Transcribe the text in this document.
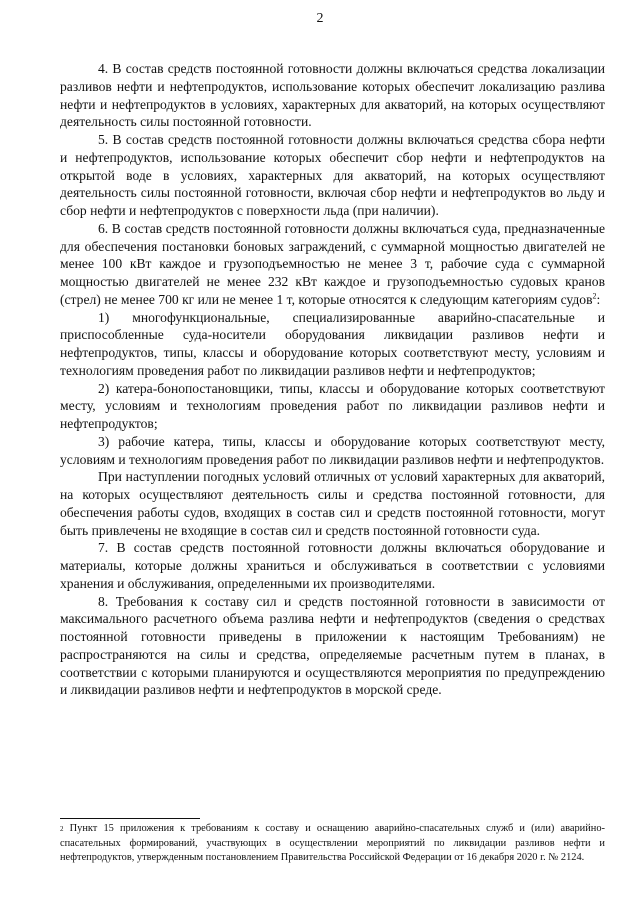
2

4. В состав средств постоянной готовности должны включаться средства локализации разливов нефти и нефтепродуктов, использование которых обеспечит локализацию разлива нефти и нефтепродуктов в условиях, характерных для акваторий, на которых осуществляют деятельность силы постоянной готовности.

5. В состав средств постоянной готовности должны включаться средства сбора нефти и нефтепродуктов, использование которых обеспечит сбор нефти и нефтепродуктов на открытой воде в условиях, характерных для акваторий, на которых осуществляют деятельность силы постоянной готовности, включая сбор нефти и нефтепродуктов во льду и сбор нефти и нефтепродуктов с поверхности льда (при наличии).

6. В состав средств постоянной готовности должны включаться суда, предназначенные для обеспечения постановки боновых заграждений, с суммарной мощностью двигателей не менее 100 кВт каждое и грузоподъемностью не менее 3 т, рабочие суда с суммарной мощностью двигателей не менее 232 кВт каждое и грузоподъемностью судовых кранов (стрел) не менее 700 кг или не менее 1 т, которые относятся к следующим категориям судов$^2$:

1) многофункциональные, специализированные аварийно-спасательные и приспособленные суда-носители оборудования ликвидации разливов нефти и нефтепродуктов, типы, классы и оборудование которых соответствуют месту, условиям и технологиям проведения работ по ликвидации разливов нефти и нефтепродуктов;

2) катера-бонопостановщики, типы, классы и оборудование которых соответствуют месту, условиям и технологиям проведения работ по ликвидации разливов нефти и нефтепродуктов;

3) рабочие катера, типы, классы и оборудование которых соответствуют месту, условиям и технологиям проведения работ по ликвидации разливов нефти и нефтепродуктов.

При наступлении погодных условий отличных от условий характерных для акваторий, на которых осуществляют деятельность силы и средства постоянной готовности, для обеспечения работы судов, входящих в состав сил и средств постоянной готовности, могут быть привлечены не входящие в состав сил и средств постоянной готовности суда.

7. В состав средств постоянной готовности должны включаться оборудование и материалы, которые должны храниться и обслуживаться в соответствии с условиями хранения и обслуживания, определенными их производителями.

8. Требования к составу сил и средств постоянной готовности в зависимости от максимального расчетного объема разлива нефти и нефтепродуктов (сведения о средствах постоянной готовности приведены в приложении к настоящим Требованиям) не распространяются на силы и средства, определяемые расчетным путем в планах, в соответствии с которыми планируются и осуществляются мероприятия по предупреждению и ликвидации разливов нефти и нефтепродуктов в морской среде.

$^2$ Пункт 15 приложения к требованиям к составу и оснащению аварийно-спасательных служб и (или) аварийно-спасательных формирований, участвующих в осуществлении мероприятий по ликвидации разливов нефти и нефтепродуктов, утвержденным постановлением Правительства Российской Федерации от 16 декабря 2020 г. № 2124.
